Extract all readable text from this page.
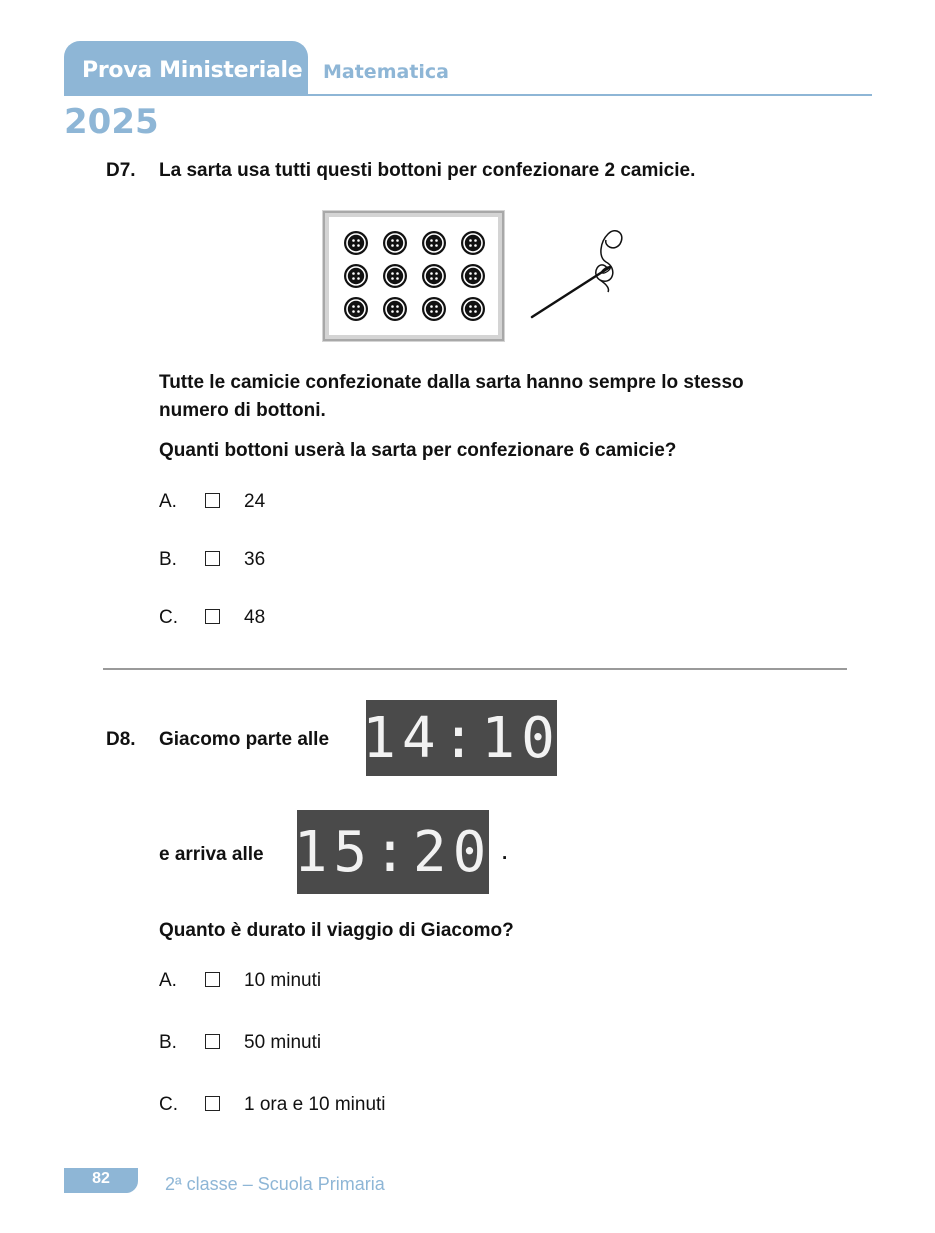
Prova Ministeriale Matematica
2025
D7. La sarta usa tutti questi bottoni per confezionare 2 camicie.
Tutte le camicie confezionate dalla sarta hanno sempre lo stesso
numero di bottoni.
Quanti bottoni userà la sarta per confezionare 6 camicie?
A.	24
B.	36
C.	48
D8. Giacomo parte alle 14:10
e arriva alle 15:20 .
Quanto è durato il viaggio di Giacomo?
A.	10 minuti
B.	50 minuti
C.	1 ora e 10 minuti
82	2ª classe – Scuola Primaria
